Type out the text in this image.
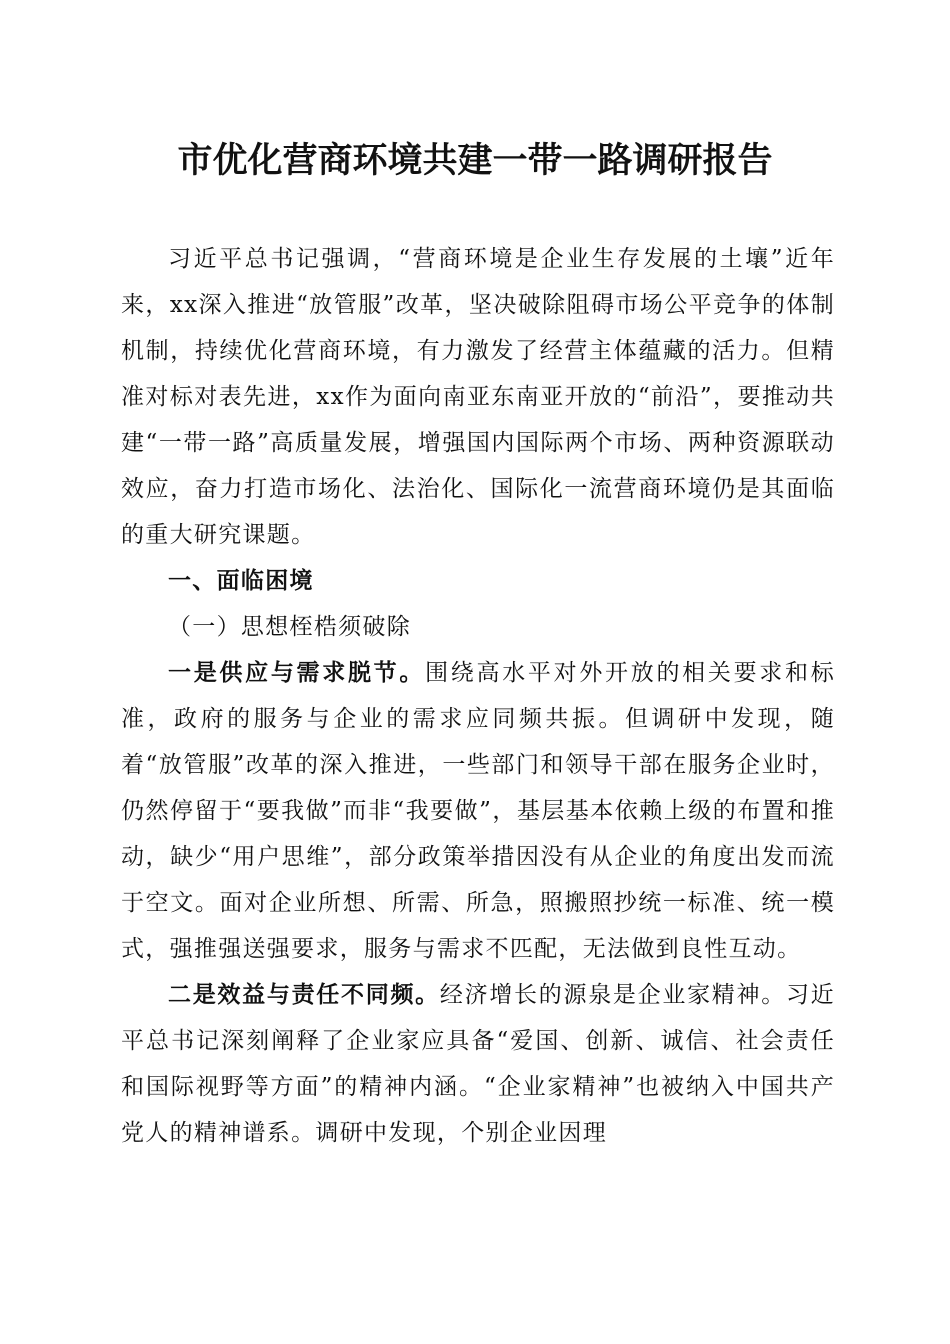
市优化营商环境共建一带一路调研报告

习近平总书记强调，“营商环境是企业生存发展的土壤”近年来，xx深入推进“放管服”改革，坚决破除阻碍市场公平竞争的体制机制，持续优化营商环境，有力激发了经营主体蕴藏的活力。但精准对标对表先进，xx作为面向南亚东南亚开放的“前沿”，要推动共建“一带一路”高质量发展，增强国内国际两个市场、两种资源联动效应，奋力打造市场化、法治化、国际化一流营商环境仍是其面临的重大研究课题。

一、面临困境

（一）思想桎梏须破除

一是供应与需求脱节。围绕高水平对外开放的相关要求和标准，政府的服务与企业的需求应同频共振。但调研中发现，随着“放管服”改革的深入推进，一些部门和领导干部在服务企业时，仍然停留于“要我做”而非“我要做”，基层基本依赖上级的布置和推动，缺少“用户思维”，部分政策举措因没有从企业的角度出发而流于空文。面对企业所想、所需、所急，照搬照抄统一标准、统一模式，强推强送强要求，服务与需求不匹配，无法做到良性互动。

二是效益与责任不同频。经济增长的源泉是企业家精神。习近平总书记深刻阐释了企业家应具备“爱国、创新、诚信、社会责任和国际视野等方面”的精神内涵。“企业家精神”也被纳入中国共产党人的精神谱系。调研中发现，个别企业因理
